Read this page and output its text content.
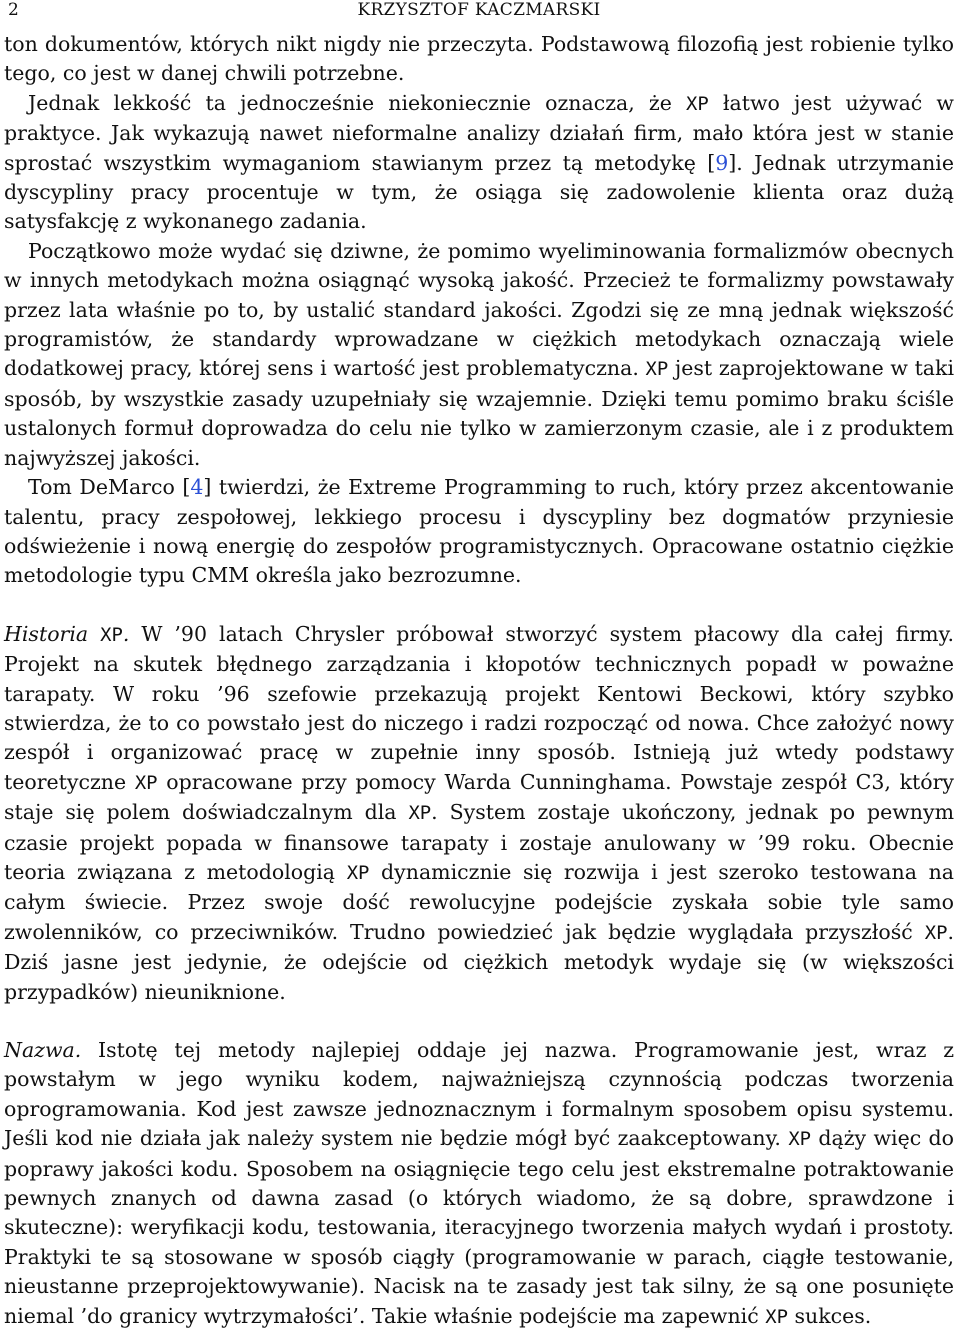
2	KRZYSZTOF KACZMARSKI

ton dokumentów, których nikt nigdy nie przeczyta. Podstawową filozofią jest robienie tylko tego, co jest w danej chwili potrzebne.

Jednak lekkość ta jednocześnie niekoniecznie oznacza, że XP łatwo jest używać w praktyce. Jak wykazują nawet nieformalne analizy działań firm, mało która jest w stanie sprostać wszystkim wymaganiom stawianym przez tą metodykę [9]. Jednak utrzymanie dyscypliny pracy procentuje w tym, że osiąga się zadowolenie klienta oraz dużą satysfakcję z wykonanego zadania.

Początkowo może wydać się dziwne, że pomimo wyeliminowania formalizmów obecnych w innych metodykach można osiągnąć wysoką jakość. Przecież te formalizmy powstawały przez lata właśnie po to, by ustalić standard jakości. Zgodzi się ze mną jednak większość programistów, że standardy wprowadzane w ciężkich metodykach oznaczają wiele dodatkowej pracy, której sens i wartość jest problematyczna. XP jest zaprojektowane w taki sposób, by wszystkie zasady uzupełniały się wzajemnie. Dzięki temu pomimo braku ściśle ustalonych formuł doprowadza do celu nie tylko w zamierzonym czasie, ale i z produktem najwyższej jakości.

Tom DeMarco [4] twierdzi, że Extreme Programming to ruch, który przez akcentowanie talentu, pracy zespołowej, lekkiego procesu i dyscypliny bez dogmatów przyniesie odświeżenie i nową energię do zespołów programistycznych. Opracowane ostatnio ciężkie metodologie typu CMM określa jako bezrozumne.

Historia XP. W ’90 latach Chrysler próbował stworzyć system płacowy dla całej firmy. Projekt na skutek błędnego zarządzania i kłopotów technicznych popadł w poważne tarapaty. W roku ’96 szefowie przekazują projekt Kentowi Beckowi, który szybko stwierdza, że to co powstało jest do niczego i radzi rozpocząć od nowa. Chce założyć nowy zespół i organizować pracę w zupełnie inny sposób. Istnieją już wtedy podstawy teoretyczne XP opracowane przy pomocy Warda Cunninghama. Powstaje zespół C3, który staje się polem doświadczalnym dla XP. System zostaje ukończony, jednak po pewnym czasie projekt popada w finansowe tarapaty i zostaje anulowany w ’99 roku. Obecnie teoria związana z metodologią XP dynamicznie się rozwija i jest szeroko testowana na całym świecie. Przez swoje dość rewolucyjne podejście zyskała sobie tyle samo zwolenników, co przeciwników. Trudno powiedzieć jak będzie wyglądała przyszłość XP. Dziś jasne jest jedynie, że odejście od ciężkich metodyk wydaje się (w większości przypadków) nieuniknione.

Nazwa. Istotę tej metody najlepiej oddaje jej nazwa. Programowanie jest, wraz z powstałym w jego wyniku kodem, najważniejszą czynnością podczas tworzenia oprogramowania. Kod jest zawsze jednoznacznym i formalnym sposobem opisu systemu. Jeśli kod nie działa jak należy system nie będzie mógł być zaakceptowany. XP dąży więc do poprawy jakości kodu. Sposobem na osiągnięcie tego celu jest ekstremalne potraktowanie pewnych znanych od dawna zasad (o których wiadomo, że są dobre, sprawdzone i skuteczne): weryfikacji kodu, testowania, iteracyjnego tworzenia małych wydań i prostoty. Praktyki te są stosowane w sposób ciągły (programowanie w parach, ciągłe testowanie, nieustanne przeprojektowywanie). Nacisk na te zasady jest tak silny, że są one posunięte niemal ’do granicy wytrzymałości’. Takie właśnie podejście ma zapewnić XP sukces.
